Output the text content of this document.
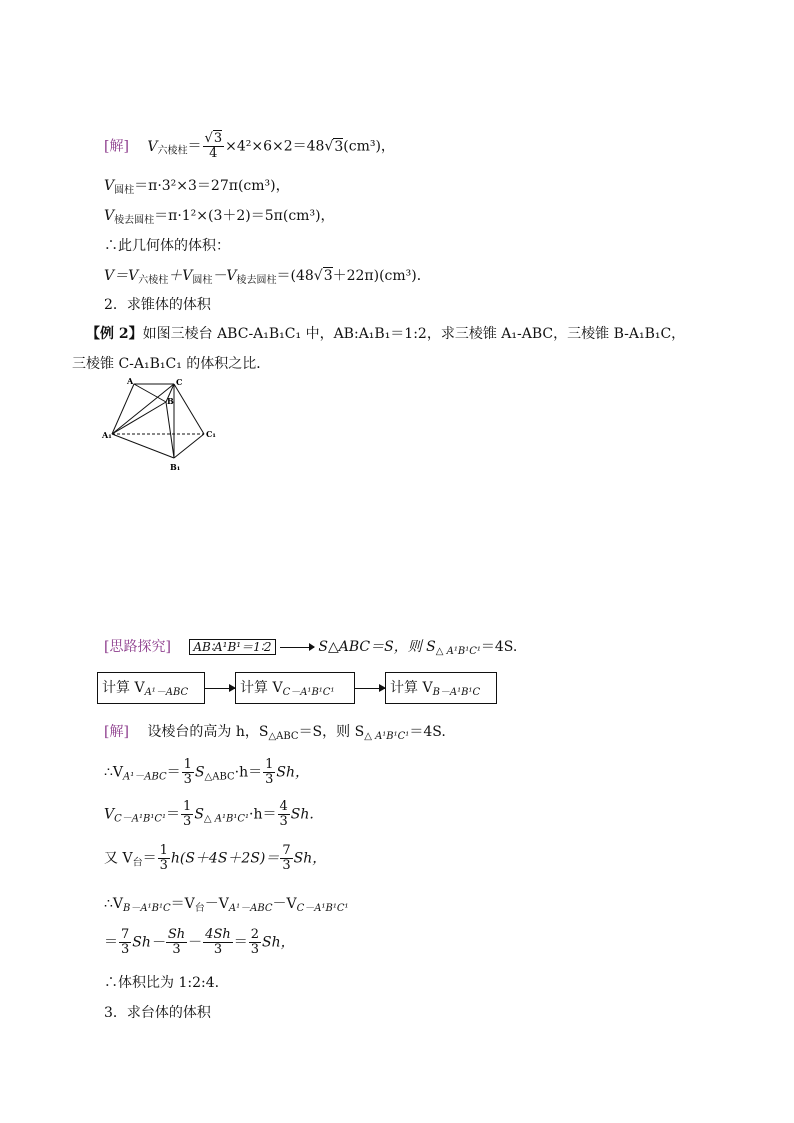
[解] $V_{六棱柱}= \frac{√3}{4} \times 4^2\times 6\times 2=48√3(cm^3)$，
$V_{圆柱}=\pi\cdot 3^2\times 3=27\pi(cm^3)$，
$V_{棱去圆柱}=\pi\cdot 1^2\times(3+2)=5\pi(cm^3)$，
∴此几何体的体积：
$V=V_{六棱柱}+V_{圆柱}-V_{棱去圆柱}=(48√3+22\pi)(cm^3)$．
2．求锥体的体积
【例 2】如图三棱台 ABC-A₁B₁C₁ 中，AB:A₁B₁＝1:2，求三棱锥 A₁-ABC，三棱锥 B-A₁B₁C，
三棱锥 C-A₁B₁C₁ 的体积之比．
A	C
B
A₁	C₁
B₁
[思路探究] AB∶A¹B¹＝1∶2	S△ABC＝S，则 $S_{\triangle A^1B^1C^1}=4S$.
计算 $V_{A^1-ABC}$	计算 $V_{C-A^1B^1C^1}$	计算 $V_{B-A^1B^1C}$
[解] 设棱台的高为 h，$S_{\triangle ABC}=S$，则 $S_{\triangle A^1B^1C^1}=4S$.
$\therefore V_{A^1-ABC}= \frac{1}{3} S_{\triangle ABC}\cdot h= \frac{1}{3}$ Sh，
$V_{C-A^1B^1C^1}= \frac{1}{3} S_{\triangle A^1B^1C^1}\cdot h= \frac{4}{3} Sh$.
又 $V_台= \frac{1}{3} h(S+4S+2S)= \frac{7}{3}$ Sh，
$\therefore V_{B-A^1B^1C}=V_台-V_{A^1-ABC}-V_{C-A^1B^1C^1}$
＝ $\frac{7}{3} Sh- \frac{Sh}{3} - \frac{4Sh}{3} = \frac{2}{3}$ Sh，
∴体积比为 1:2:4.
3．求台体的体积
